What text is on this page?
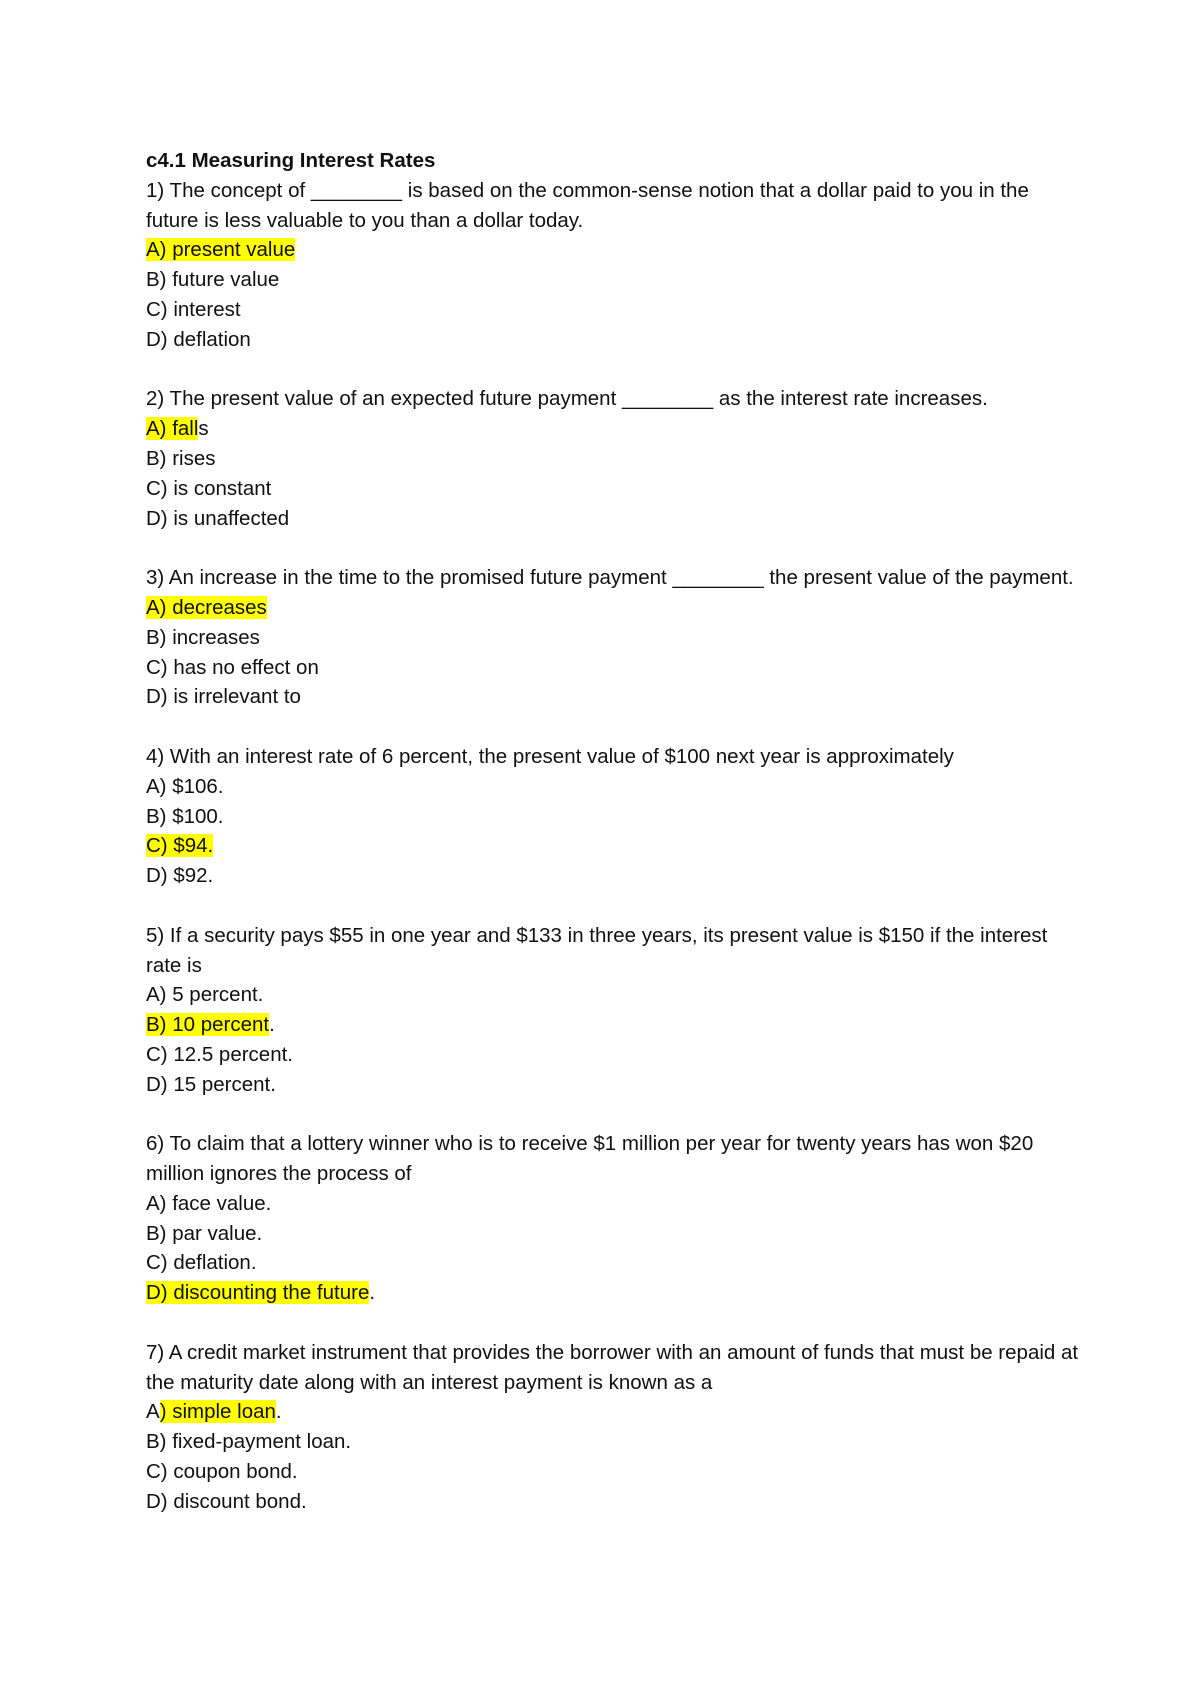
c4.1 Measuring Interest Rates
1) The concept of ________ is based on the common-sense notion that a dollar paid to you in the future is less valuable to you than a dollar today.
A) present value
B) future value
C) interest
D) deflation
2) The present value of an expected future payment ________ as the interest rate increases.
A) falls
B) rises
C) is constant
D) is unaffected
3) An increase in the time to the promised future payment ________ the present value of the payment.
A) decreases
B) increases
C) has no effect on
D) is irrelevant to
4) With an interest rate of 6 percent, the present value of $100 next year is approximately
A) $106.
B) $100.
C) $94.
D) $92.
5) If a security pays $55 in one year and $133 in three years, its present value is $150 if the interest rate is
A) 5 percent.
B) 10 percent.
C) 12.5 percent.
D) 15 percent.
6) To claim that a lottery winner who is to receive $1 million per year for twenty years has won $20 million ignores the process of
A) face value.
B) par value.
C) deflation.
D) discounting the future.
7) A credit market instrument that provides the borrower with an amount of funds that must be repaid at the maturity date along with an interest payment is known as a
A) simple loan.
B) fixed-payment loan.
C) coupon bond.
D) discount bond.
